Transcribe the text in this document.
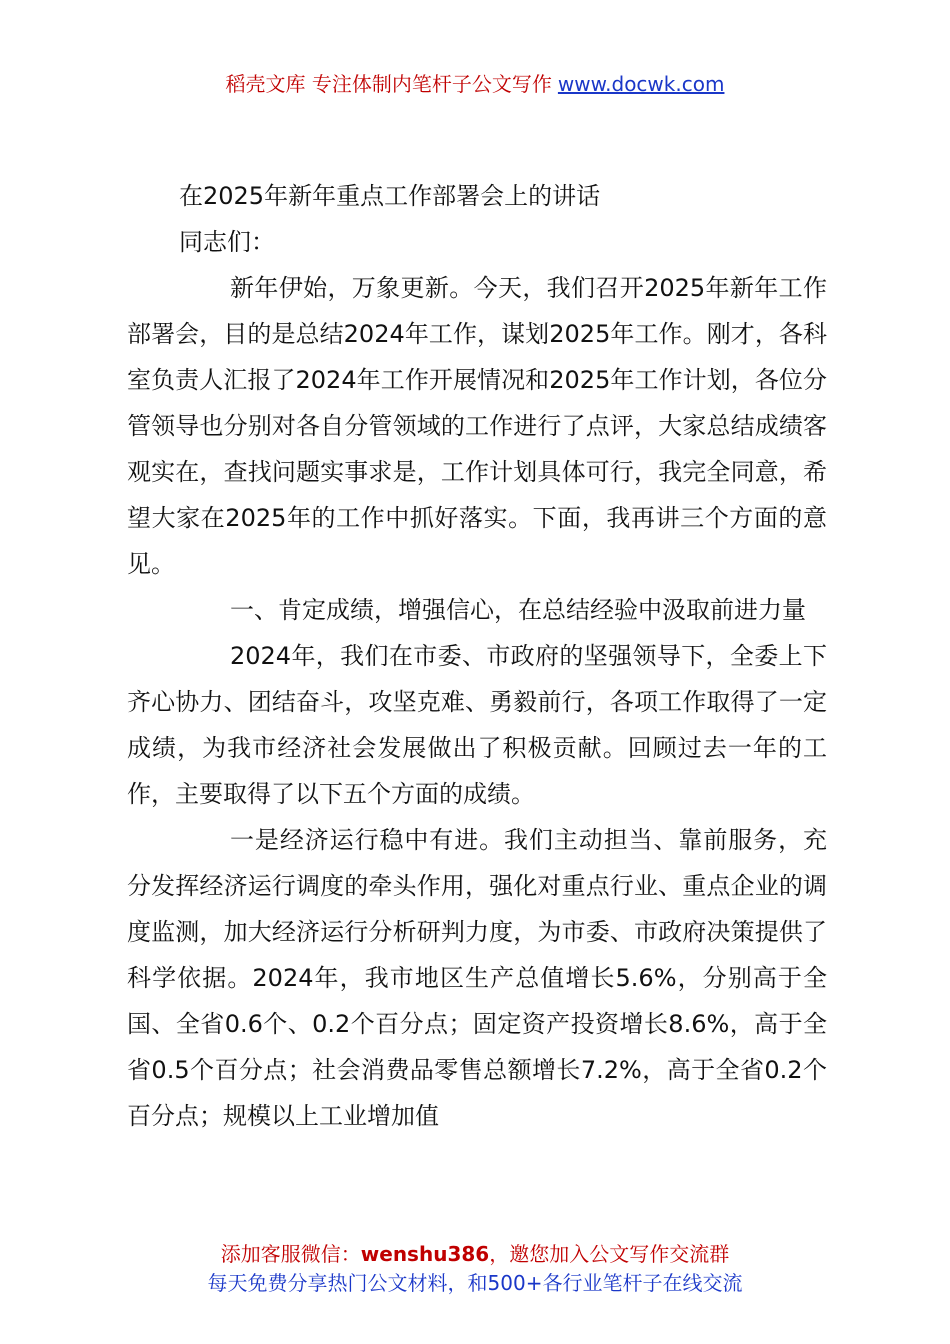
稻壳文库 专注体制内笔杆子公文写作 www.docwk.com

在2025年新年重点工作部署会上的讲话

同志们：

新年伊始，万象更新。今天，我们召开2025年新年工作部署会，目的是总结2024年工作，谋划2025年工作。刚才，各科室负责人汇报了2024年工作开展情况和2025年工作计划，各位分管领导也分别对各自分管领域的工作进行了点评，大家总结成绩客观实在，查找问题实事求是，工作计划具体可行，我完全同意，希望大家在2025年的工作中抓好落实。下面，我再讲三个方面的意见。

一、肯定成绩，增强信心，在总结经验中汲取前进力量

2024年，我们在市委、市政府的坚强领导下，全委上下齐心协力、团结奋斗，攻坚克难、勇毅前行，各项工作取得了一定成绩，为我市经济社会发展做出了积极贡献。回顾过去一年的工作，主要取得了以下五个方面的成绩。

一是经济运行稳中有进。我们主动担当、靠前服务，充分发挥经济运行调度的牵头作用，强化对重点行业、重点企业的调度监测，加大经济运行分析研判力度，为市委、市政府决策提供了科学依据。2024年，我市地区生产总值增长5.6%，分别高于全国、全省0.6个、0.2个百分点；固定资产投资增长8.6%，高于全省0.5个百分点；社会消费品零售总额增长7.2%，高于全省0.2个百分点；规模以上工业增加值

添加客服微信：wenshu386，邀您加入公文写作交流群
每天免费分享热门公文材料，和500+各行业笔杆子在线交流
